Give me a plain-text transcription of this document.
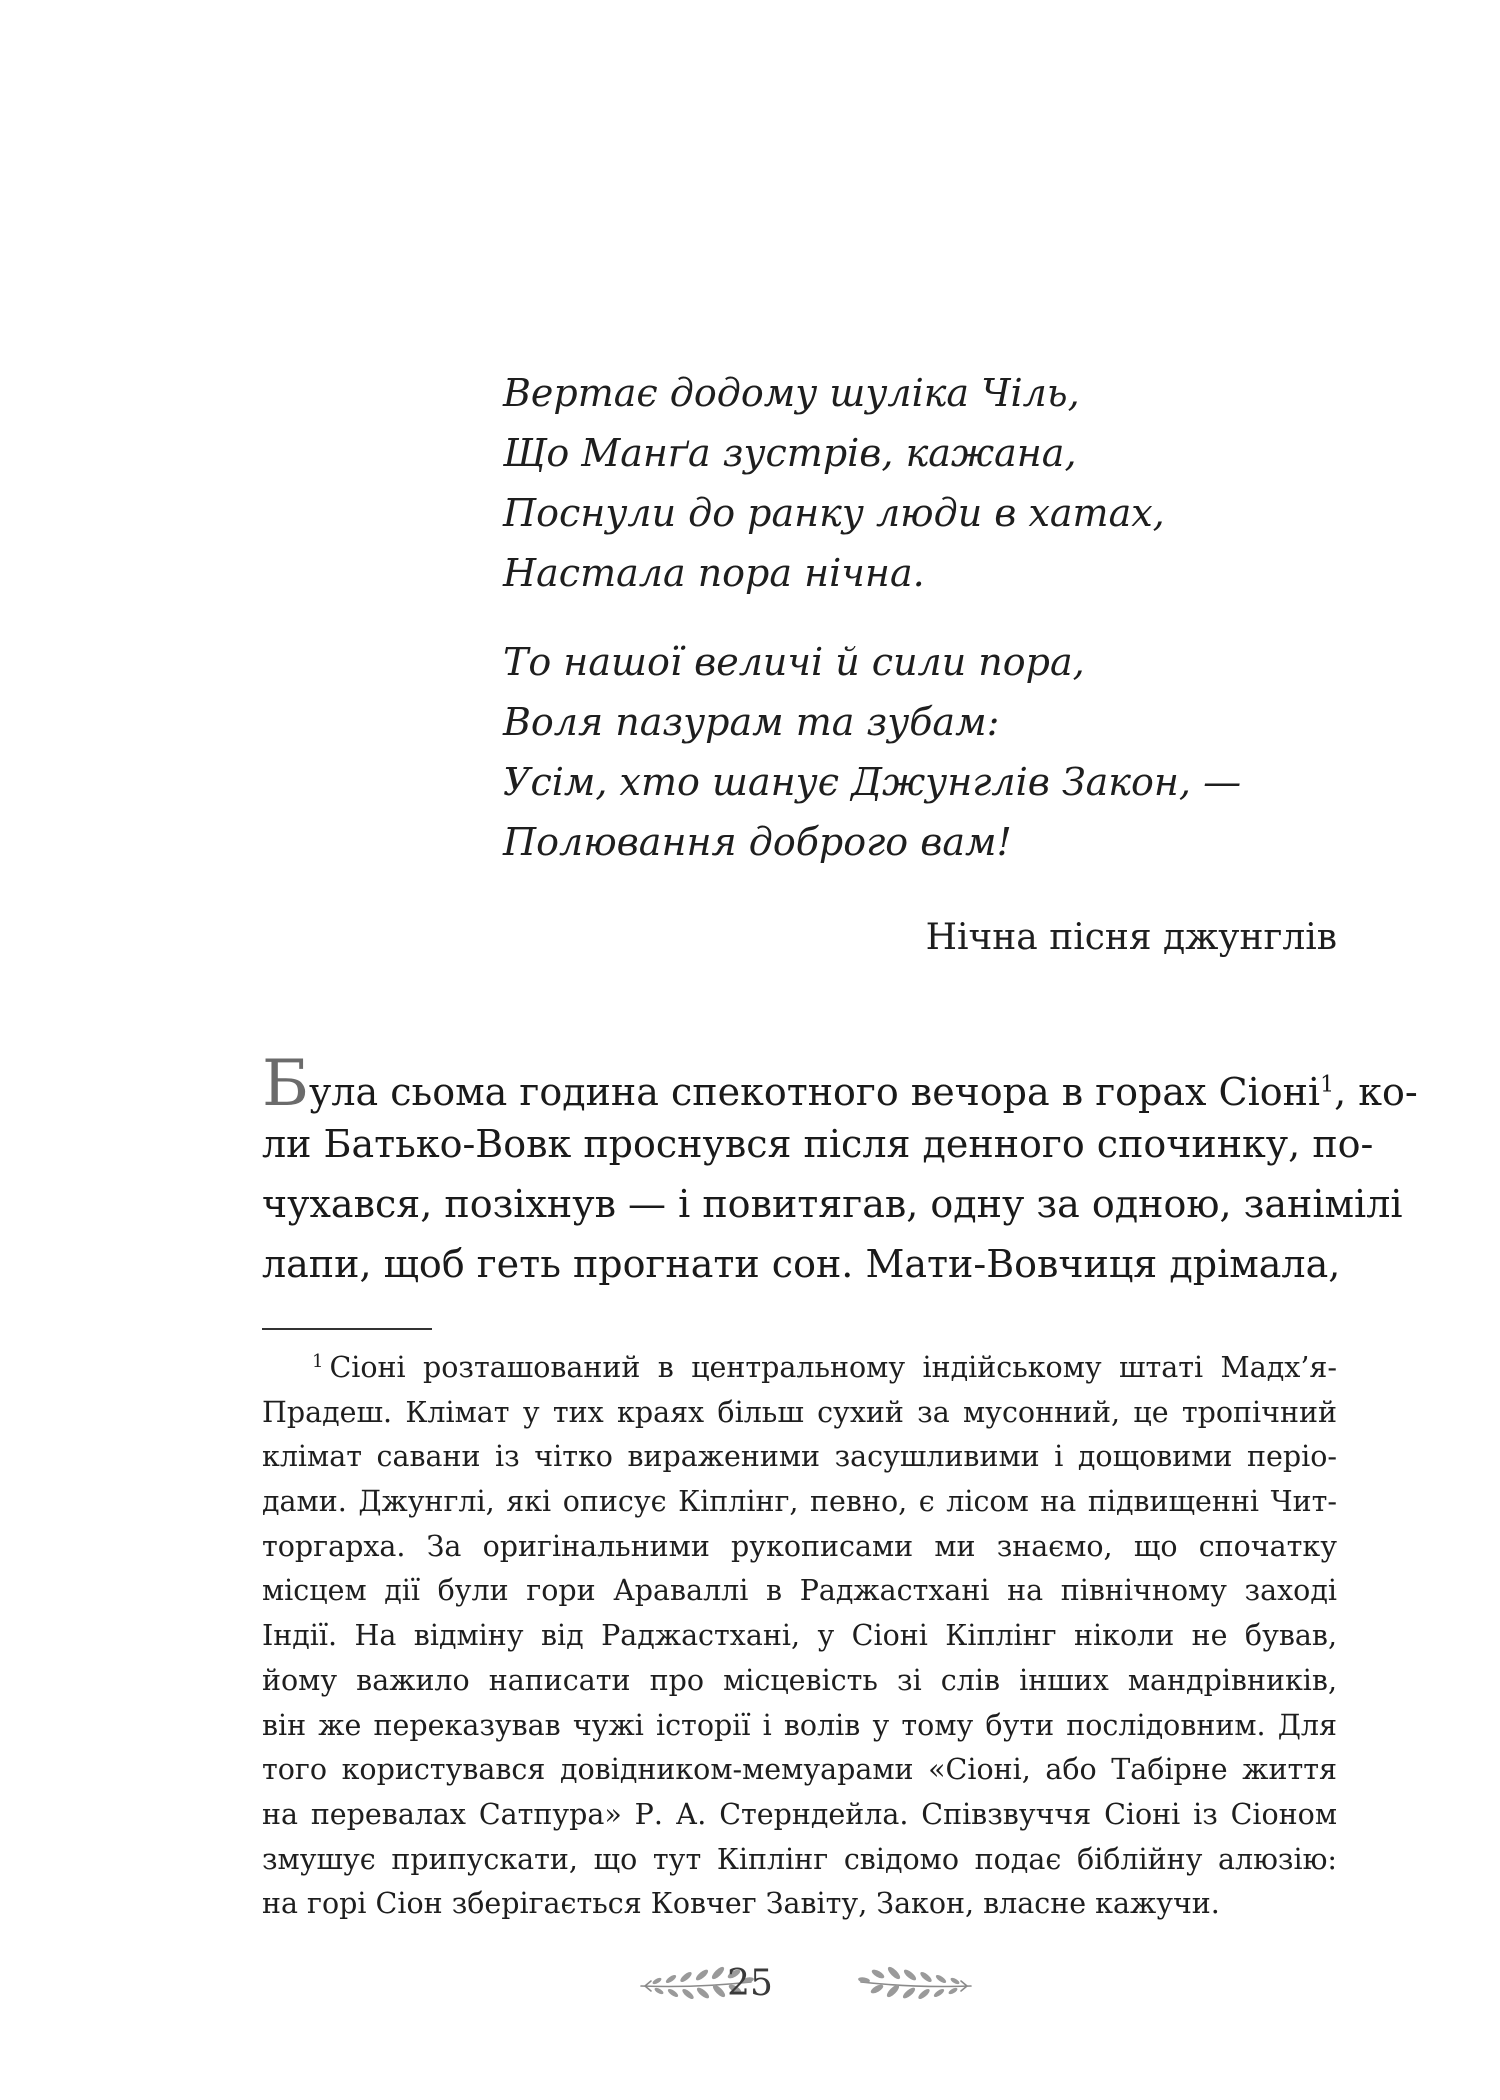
Вертає додому шуліка Чіль,
Що Манґа зустрів, кажана,
Поснули до ранку люди в хатах,
Настала пора нічна.
То нашої величі й сили пора,
Воля пазурам та зубам:
Усім, хто шанує Джунглів Закон, —
Полювання доброго вам!
Нічна пісня джунглів
Була сьома година спекотного вечора в горах Сіоні$^1$, ко-
ли Батько-Вовк проснувся після денного спочинку, по-
чухався, позіхнув — і повитягав, одну за одною, занімілі
лапи, щоб геть прогнати сон. Мати-Вовчиця дрімала,
$^1$ Сіоні розташований в центральному індійському штаті Мадх’я-
Прадеш. Клімат у тих краях більш сухий за мусонний, це тропічний
клімат савани із чітко вираженими засушливими і дощовими періо-
дами. Джунглі, які описує Кіплінг, певно, є лісом на підвищенні Чит-
торгарха. За оригінальними рукописами ми знаємо, що спочатку
місцем дії були гори Араваллі в Раджастхані на північному заході
Індії. На відміну від Раджастхані, у Сіоні Кіплінг ніколи не бував,
йому важило написати про місцевість зі слів інших мандрівників,
він же переказував чужі історії і волів у тому бути послідовним. Для
того користувався довідником-мемуарами «Сіоні, або Табірне життя
на перевалах Сатпура» Р. А. Стерндейла. Співзвуччя Сіоні із Сіоном
змушує припускати, що тут Кіплінг свідомо подає біблійну алюзію:
на горі Сіон зберігається Ковчег Завіту, Закон, власне кажучи.
25
